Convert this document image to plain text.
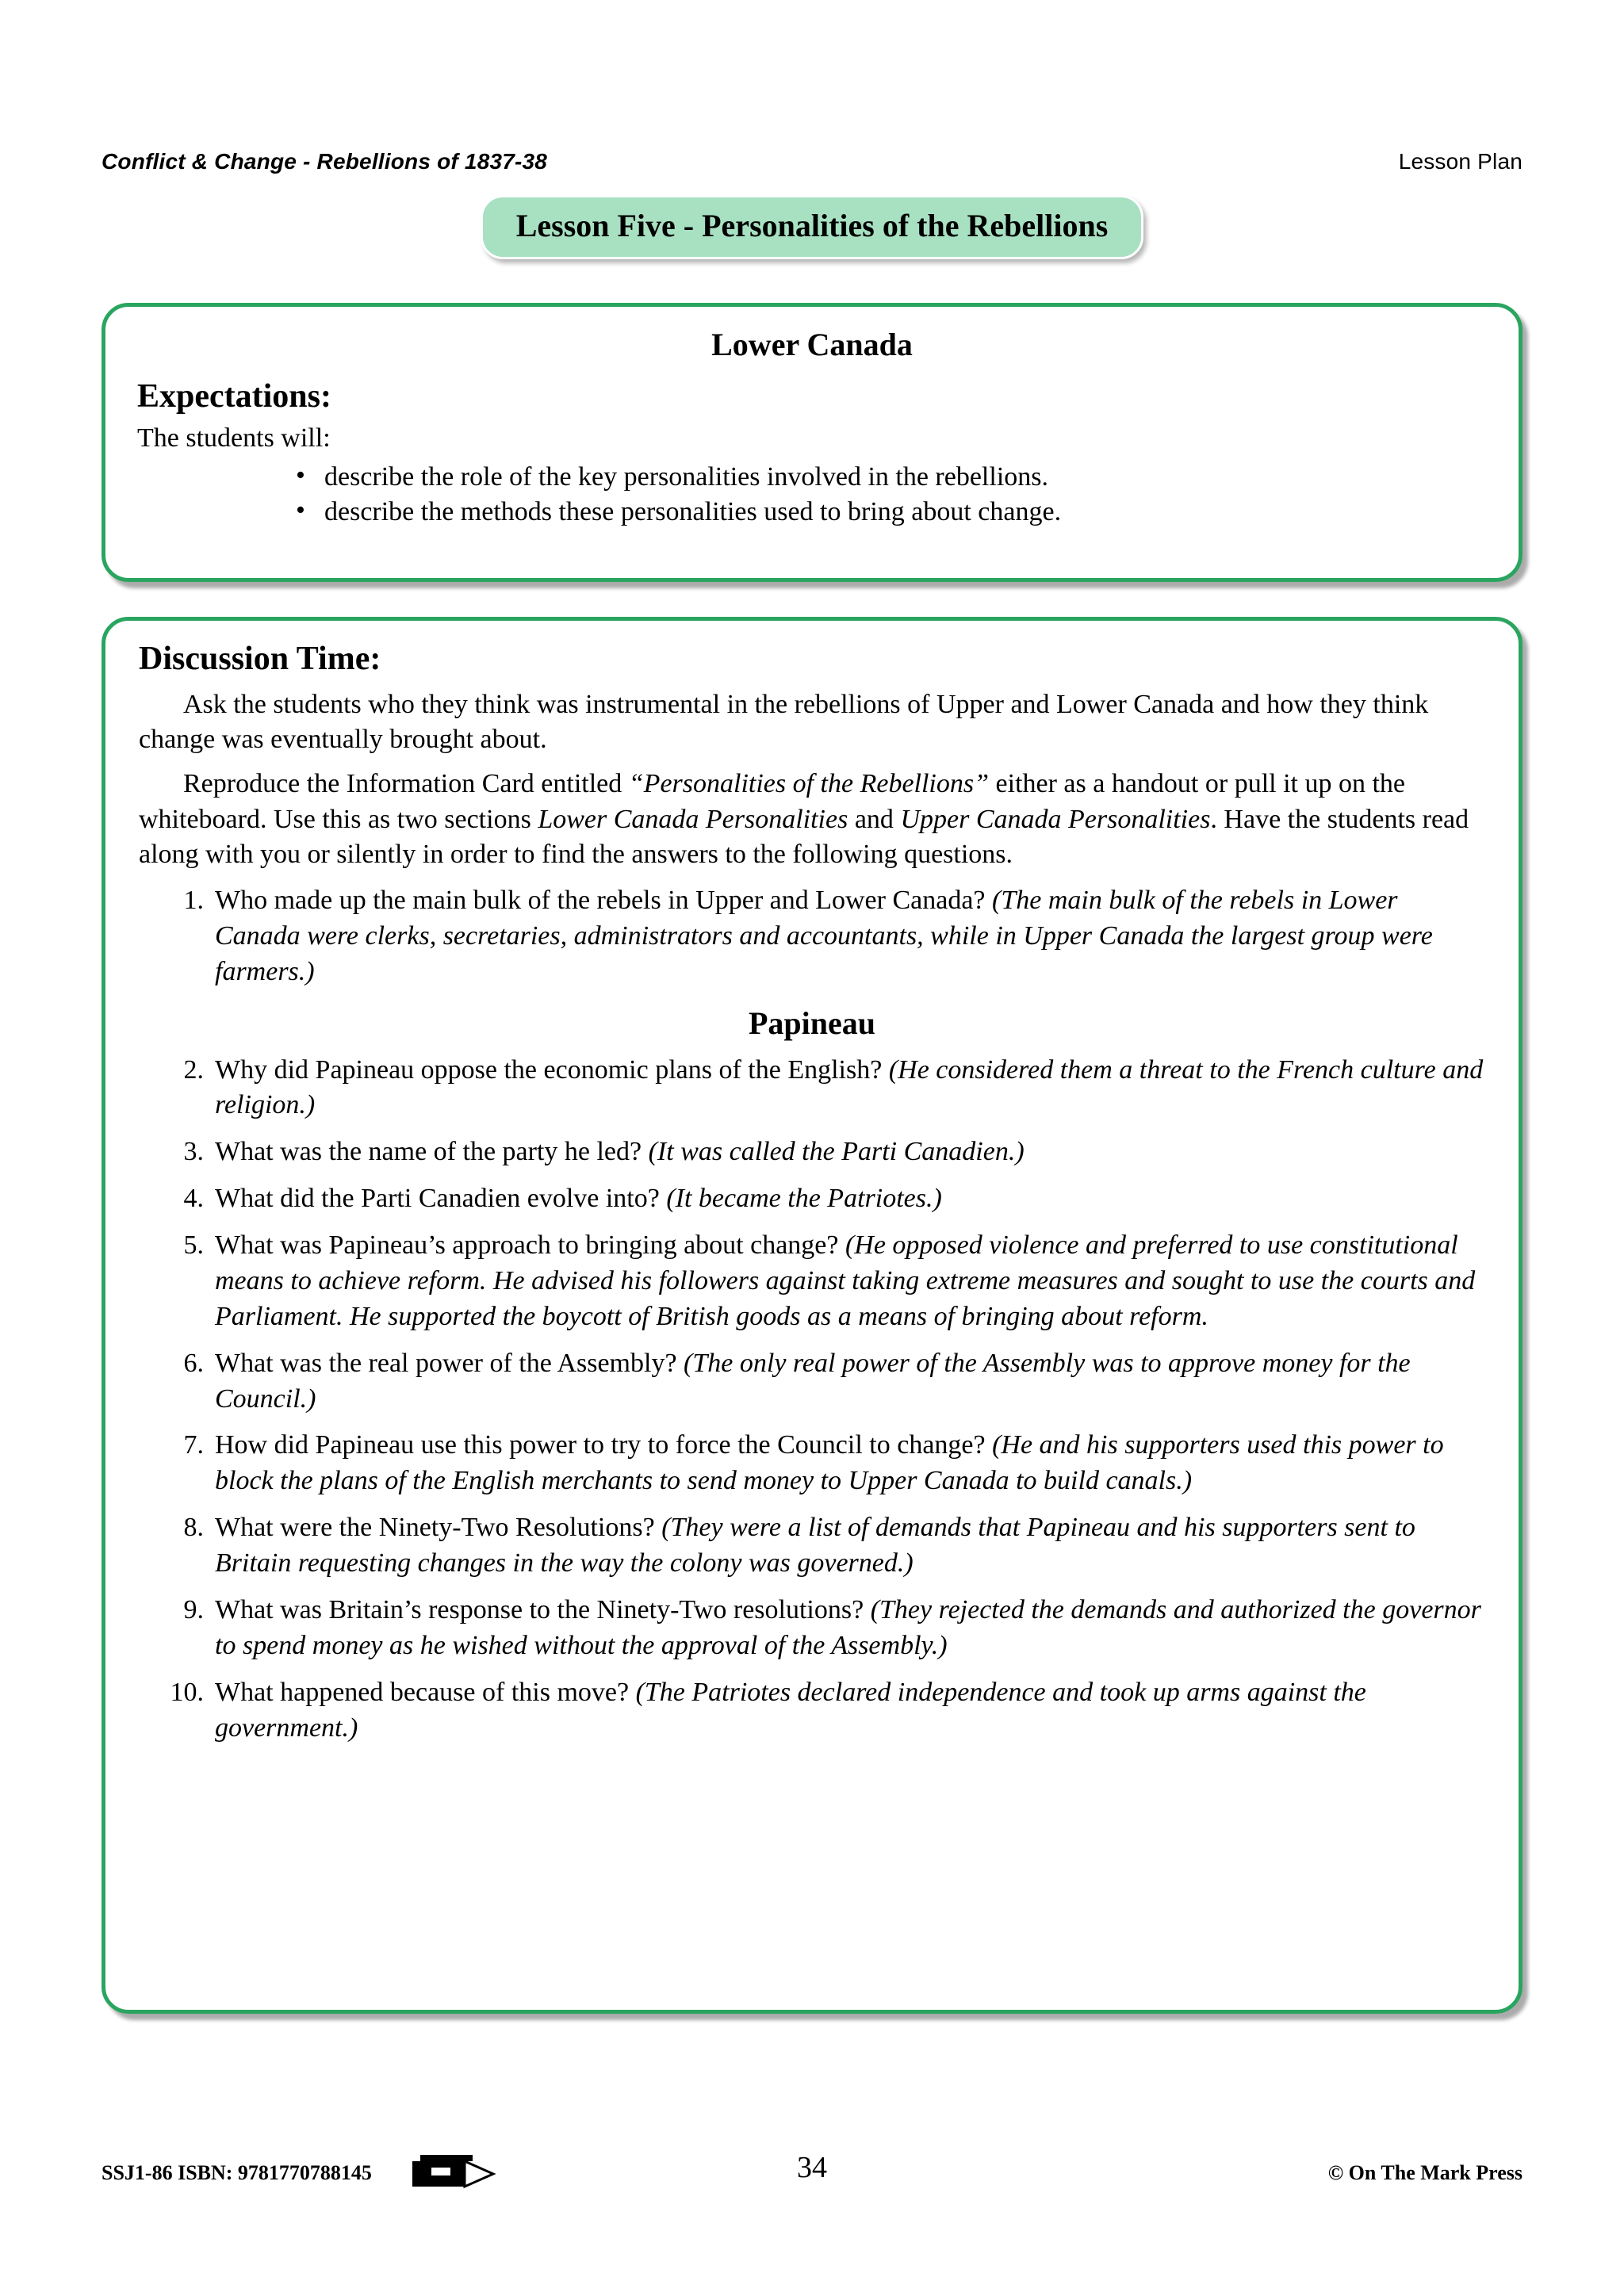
Conflict & Change - Rebellions of 1837-38	Lesson Plan
Lesson Five - Personalities of the Rebellions
Lower Canada
Expectations:
The students will:
• describe the role of the key personalities involved in the rebellions.
• describe the methods these personalities used to bring about change.
Discussion Time:
Ask the students who they think was instrumental in the rebellions of Upper and Lower Canada and how they think change was eventually brought about.
Reproduce the Information Card entitled “Personalities of the Rebellions” either as a handout or pull it up on the whiteboard. Use this as two sections Lower Canada Personalities and Upper Canada Personalities. Have the students read along with you or silently in order to find the answers to the following questions.
Who made up the main bulk of the rebels in Upper and Lower Canada? (The main bulk of the rebels in Lower Canada were clerks, secretaries, administrators and accountants, while in Upper Canada the largest group were farmers.)
Papineau
Why did Papineau oppose the economic plans of the English? (He considered them a threat to the French culture and religion.)
What was the name of the party he led? (It was called the Parti Canadien.)
What did the Parti Canadien evolve into? (It became the Patriotes.)
What was Papineau’s approach to bringing about change? (He opposed violence and preferred to use constitutional means to achieve reform. He advised his followers against taking extreme measures and sought to use the courts and Parliament. He supported the boycott of British goods as a means of bringing about reform.
What was the real power of the Assembly? (The only real power of the Assembly was to approve money for the Council.)
How did Papineau use this power to try to force the Council to change? (He and his supporters used this power to block the plans of the English merchants to send money to Upper Canada to build canals.)
What were the Ninety-Two Resolutions? (They were a list of demands that Papineau and his supporters sent to Britain requesting changes in the way the colony was governed.)
What was Britain’s response to the Ninety-Two resolutions? (They rejected the demands and authorized the governor to spend money as he wished without the approval of the Assembly.)
What happened because of this move? (The Patriotes declared independence and took up arms against the government.)
SSJ1-86 ISBN: 9781770788145	34	© On The Mark Press
